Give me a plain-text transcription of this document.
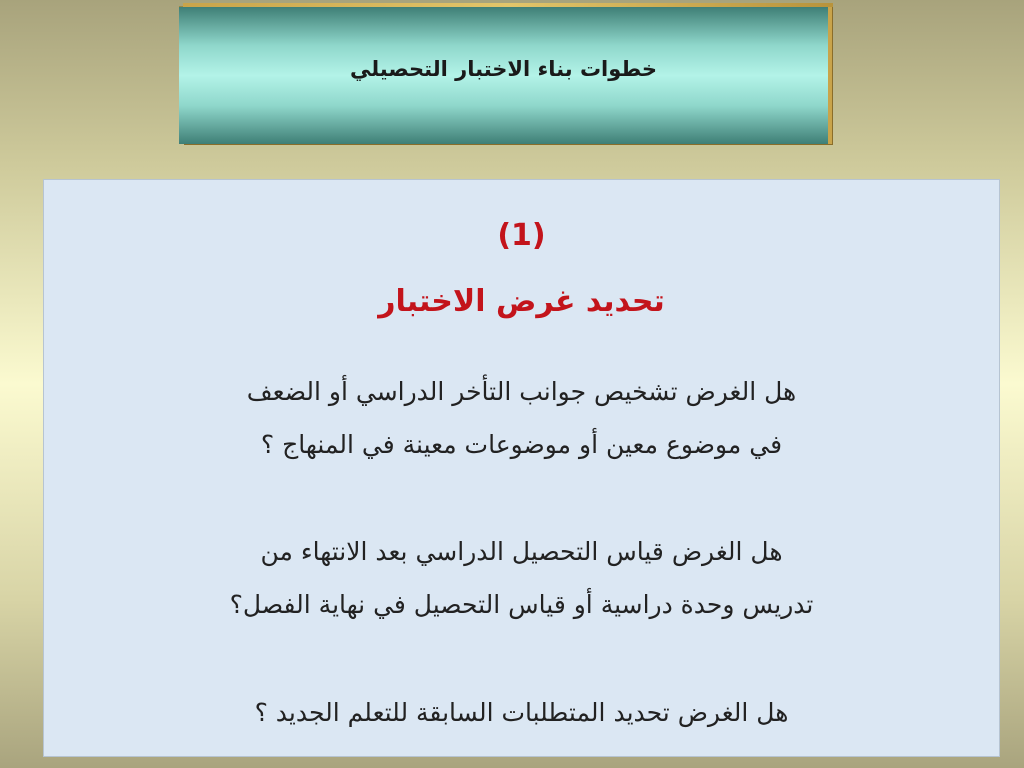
خطوات بناء الاختبار التحصيلي
(1)
تحديد غرض الاختبار
هل الغرض تشخيص جوانب التأخر الدراسي أو الضعف
في موضوع معين أو موضوعات معينة في المنهاج ؟
هل الغرض قياس التحصيل الدراسي بعد الانتهاء من
تدريس وحدة دراسية أو قياس التحصيل في نهاية الفصل؟
هل الغرض تحديد المتطلبات السابقة للتعلم الجديد ؟
